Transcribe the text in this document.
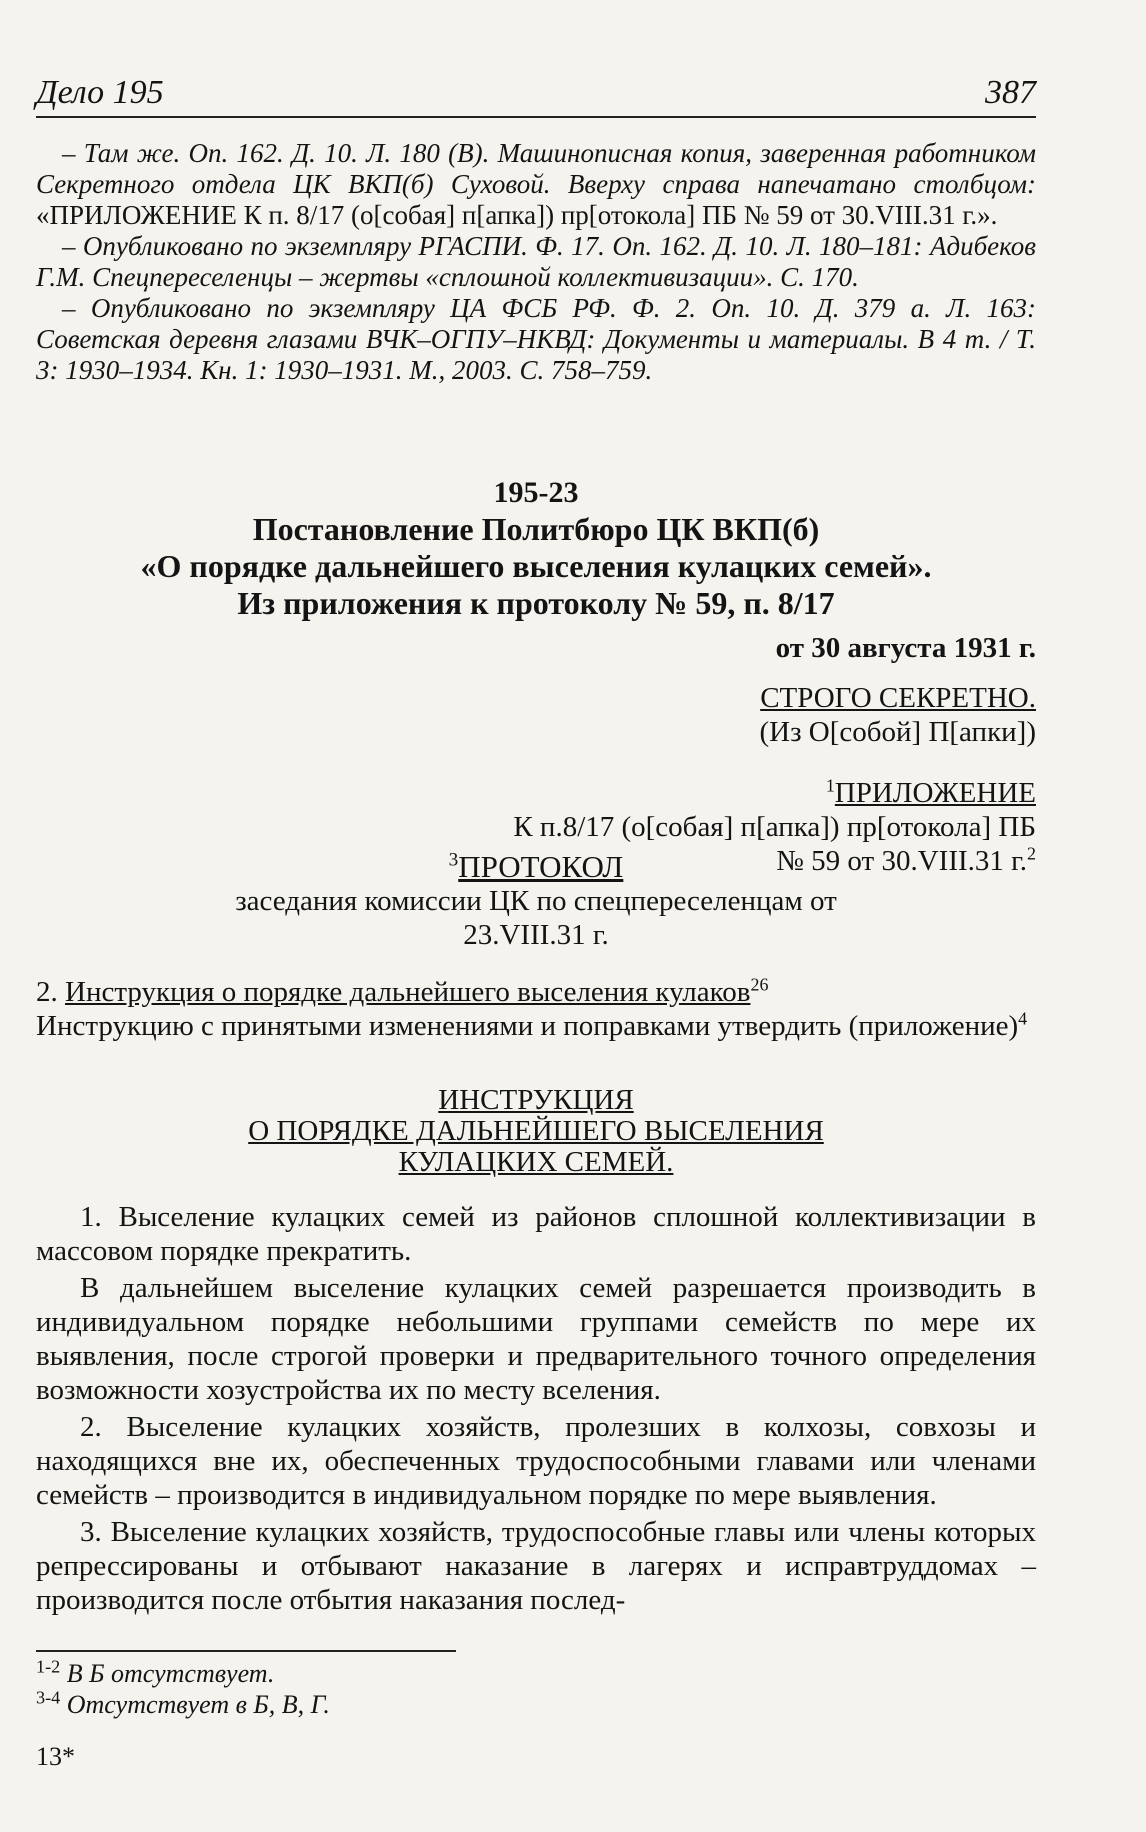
Дело 195	387

– Там же. Оп. 162. Д. 10. Л. 180 (В). Машинописная копия, заверенная работником Секретного отдела ЦК ВКП(б) Суховой. Вверху справа напечатано столбцом: «ПРИЛОЖЕНИЕ К п. 8/17 (о[собая] п[апка]) пр[отокола] ПБ № 59 от 30.VIII.31 г.».

– Опубликовано по экземпляру РГАСПИ. Ф. 17. Оп. 162. Д. 10. Л. 180–181: Адибеков Г.М. Спецпереселенцы – жертвы «сплошной коллективизации». С. 170.

– Опубликовано по экземпляру ЦА ФСБ РФ. Ф. 2. Оп. 10. Д. 379 а. Л. 163: Советская деревня глазами ВЧК–ОГПУ–НКВД: Документы и материалы. В 4 т. / Т. 3: 1930–1934. Кн. 1: 1930–1931. М., 2003. С. 758–759.

195-23
Постановление Политбюро ЦК ВКП(б)
«О порядке дальнейшего выселения кулацких семей».
Из приложения к протоколу № 59, п. 8/17
от 30 августа 1931 г.
СТРОГО СЕКРЕТНО.
(Из О[собой] П[апки])
$^1$ПРИЛОЖЕНИЕ
К п.8/17 (о[собая] п[апка]) пр[отокола] ПБ
№ 59 от 30.VIII.31 г.$^2$
$^3$ПРОТОКОЛ
заседания комиссии ЦК по спецпереселенцам от
23.VIII.31 г.

2. Инструкция о порядке дальнейшего выселения кулаков$^{26}$

Инструкцию с принятыми изменениями и поправками утвердить (приложение)$^4$

ИНСТРУКЦИЯ
О ПОРЯДКЕ ДАЛЬНЕЙШЕГО ВЫСЕЛЕНИЯ
КУЛАЦКИХ СЕМЕЙ.

1. Выселение кулацких семей из районов сплошной коллективизации в массовом порядке прекратить.

В дальнейшем выселение кулацких семей разрешается производить в индивидуальном порядке небольшими группами семейств по мере их выявления, после строгой проверки и предварительного точного определения возможности хозустройства их по месту вселения.

2. Выселение кулацких хозяйств, пролезших в колхозы, совхозы и находящихся вне их, обеспеченных трудоспособными главами или членами семейств – производится в индивидуальном порядке по мере выявления.

3. Выселение кулацких хозяйств, трудоспособные главы или члены которых репрессированы и отбывают наказание в лагерях и исправтруддомах – производится после отбытия наказания послед-

$^{1-2}$ В Б отсутствует.
$^{3-4}$ Отсутствует в Б, В, Г.
13*
